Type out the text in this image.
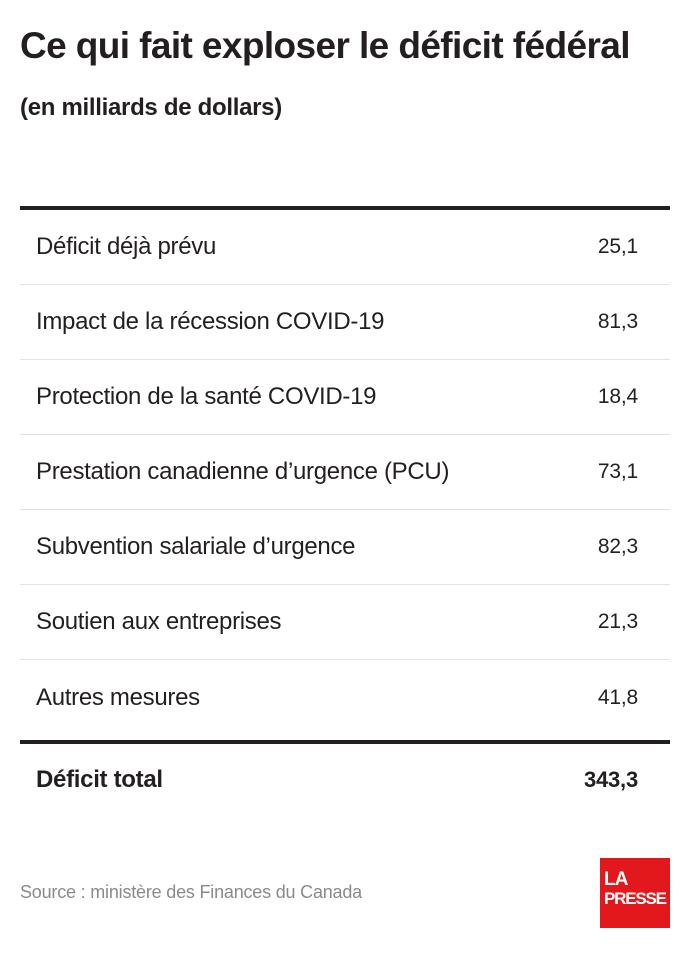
Ce qui fait exploser le déficit fédéral
(en milliards de dollars)
Déficit déjà prévu	25,1
Impact de la récession COVID-19	81,3
Protection de la santé COVID-19	18,4
Prestation canadienne d’urgence (PCU)	73,1
Subvention salariale d’urgence	82,3
Soutien aux entreprises	21,3
Autres mesures	41,8
Déficit total	343,3
Source : ministère des Finances du Canada
LA
PRESSE
